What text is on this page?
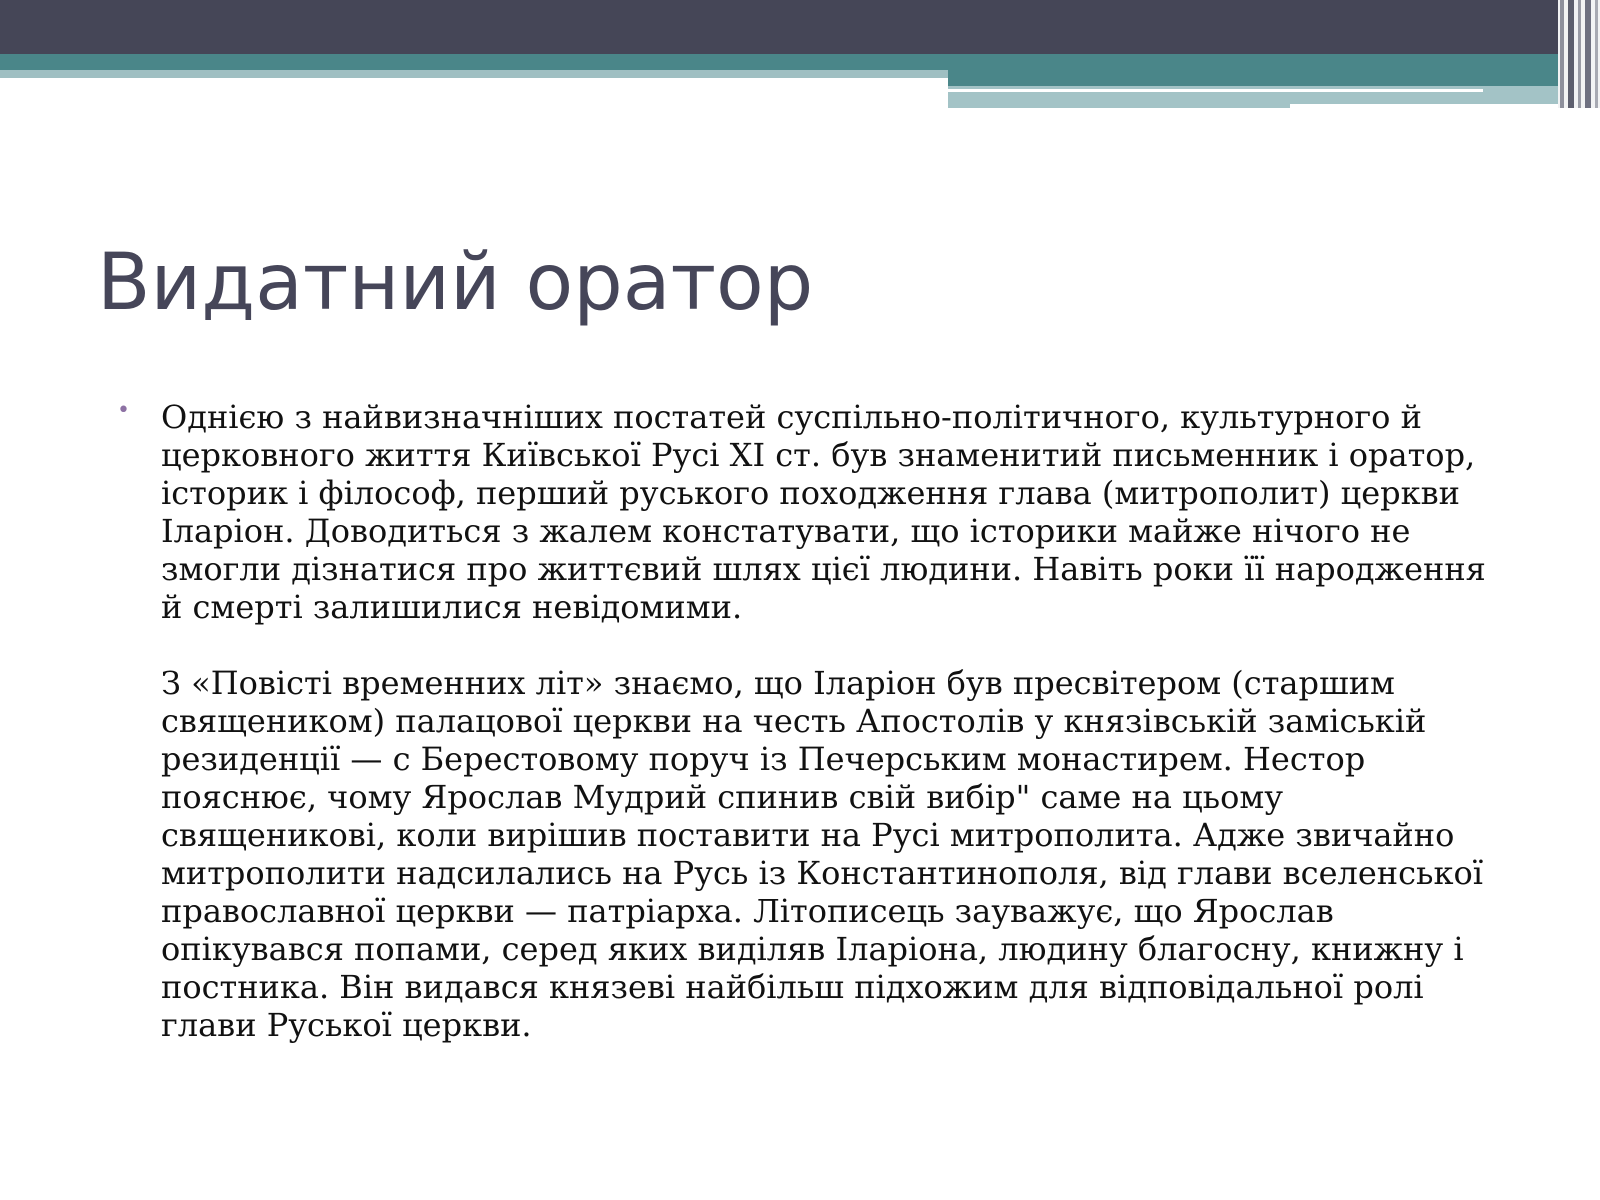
Видатний оратор
• Однією з найвизначніших постатей суспільно-політичного, культурного й церковного життя Київської Русі XI ст. був знаменитий письменник і оратор, історик і філософ, перший руського походження глава (митрополит) церкви Іларіон. Доводиться з жалем констатувати, що історики майже нічого не змогли дізнатися про життєвий шлях цієї людини. Навіть роки її народження й смерті залишилися невідомими.

З «Повісті временних літ» знаємо, що Іларіон був пресвітером (старшим священиком) палацової церкви на честь Апостолів у князівській заміській резиденції — с Берестовому поруч із Печерським монастирем. Нестор пояснює, чому Ярослав Мудрий спинив свій вибір" саме на цьому священикові, коли вирішив поставити на Русі митрополита. Адже звичайно митрополити надсилались на Русь із Константинополя, від глави вселенської православної церкви — патріарха. Літописець зауважує, що Ярослав опікувався попами, серед яких виділяв Іларіона, людину благосну, книжну і постника. Він видався князеві найбільш підхожим для відповідальної ролі глави Руської церкви.
